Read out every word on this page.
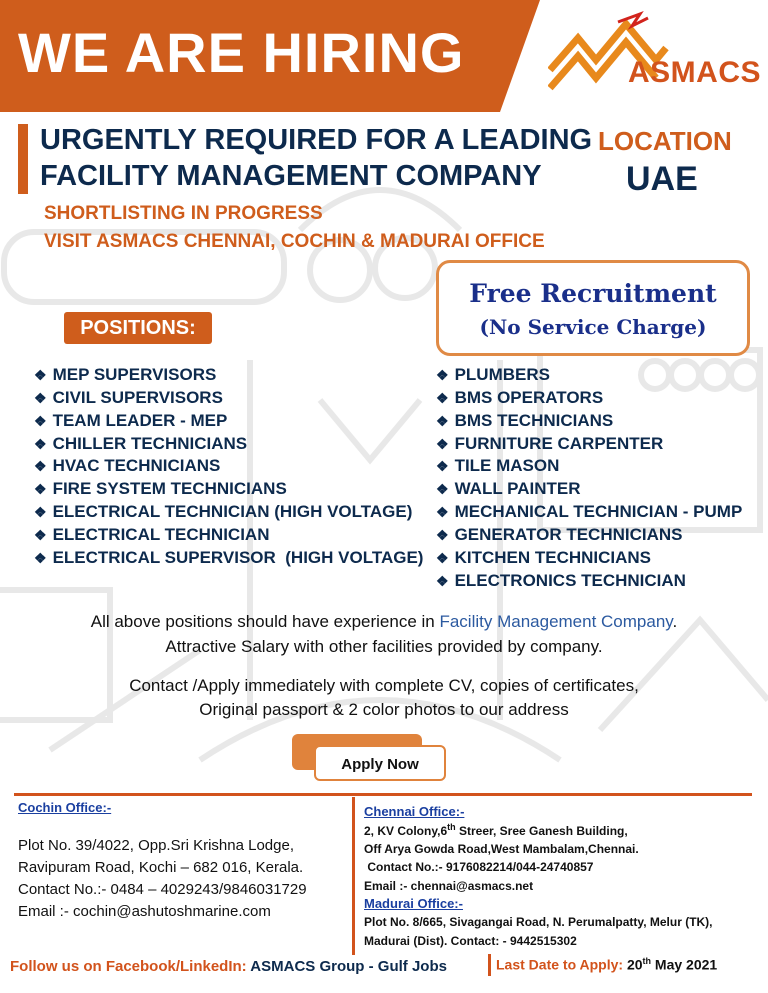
WE ARE HIRING	ASMACS
URGENTLY REQUIRED FOR A LEADING
FACILITY MANAGEMENT COMPANY
LOCATION
UAE
SHORTLISTING IN PROGRESS
VISIT ASMACS CHENNAI, COCHIN & MADURAI OFFICE
Free Recruitment
(No Service Charge)
POSITIONS:
❖ MEP SUPERVISORS
❖ CIVIL SUPERVISORS
❖ TEAM LEADER - MEP
❖ CHILLER TECHNICIANS
❖ HVAC TECHNICIANS
❖ FIRE SYSTEM TECHNICIANS
❖ ELECTRICAL TECHNICIAN (HIGH VOLTAGE)
❖ ELECTRICAL TECHNICIAN
❖ ELECTRICAL SUPERVISOR  (HIGH VOLTAGE)
❖ PLUMBERS
❖ BMS OPERATORS
❖ BMS TECHNICIANS
❖ FURNITURE CARPENTER
❖ TILE MASON
❖ WALL PAINTER
❖ MECHANICAL TECHNICIAN - PUMP
❖ GENERATOR TECHNICIANS
❖ KITCHEN TECHNICIANS
❖ ELECTRONICS TECHNICIAN
All above positions should have experience in Facility Management Company.
Attractive Salary with other facilities provided by company.
Contact /Apply immediately with complete CV, copies of certificates,
Original passport & 2 color photos to our address
Apply Now
Cochin Office:-
Plot No. 39/4022, Opp.Sri Krishna Lodge,
Ravipuram Road, Kochi – 682 016, Kerala.
Contact No.:- 0484 – 4029243/9846031729
Email :- cochin@ashutoshmarine.com
Chennai Office:-
2, KV Colony,6th Streer, Sree Ganesh Building,
Off Arya Gowda Road,West Mambalam,Chennai.
Contact No.:- 9176082214/044-24740857
Email :- chennai@asmacs.net
Madurai Office:-
Plot No. 8/665, Sivagangai Road, N. Perumalpatty, Melur (TK),
Madurai (Dist). Contact: - 9442515302
Follow us on Facebook/LinkedIn: ASMACS Group - Gulf Jobs	Last Date to Apply: 20th May 2021
